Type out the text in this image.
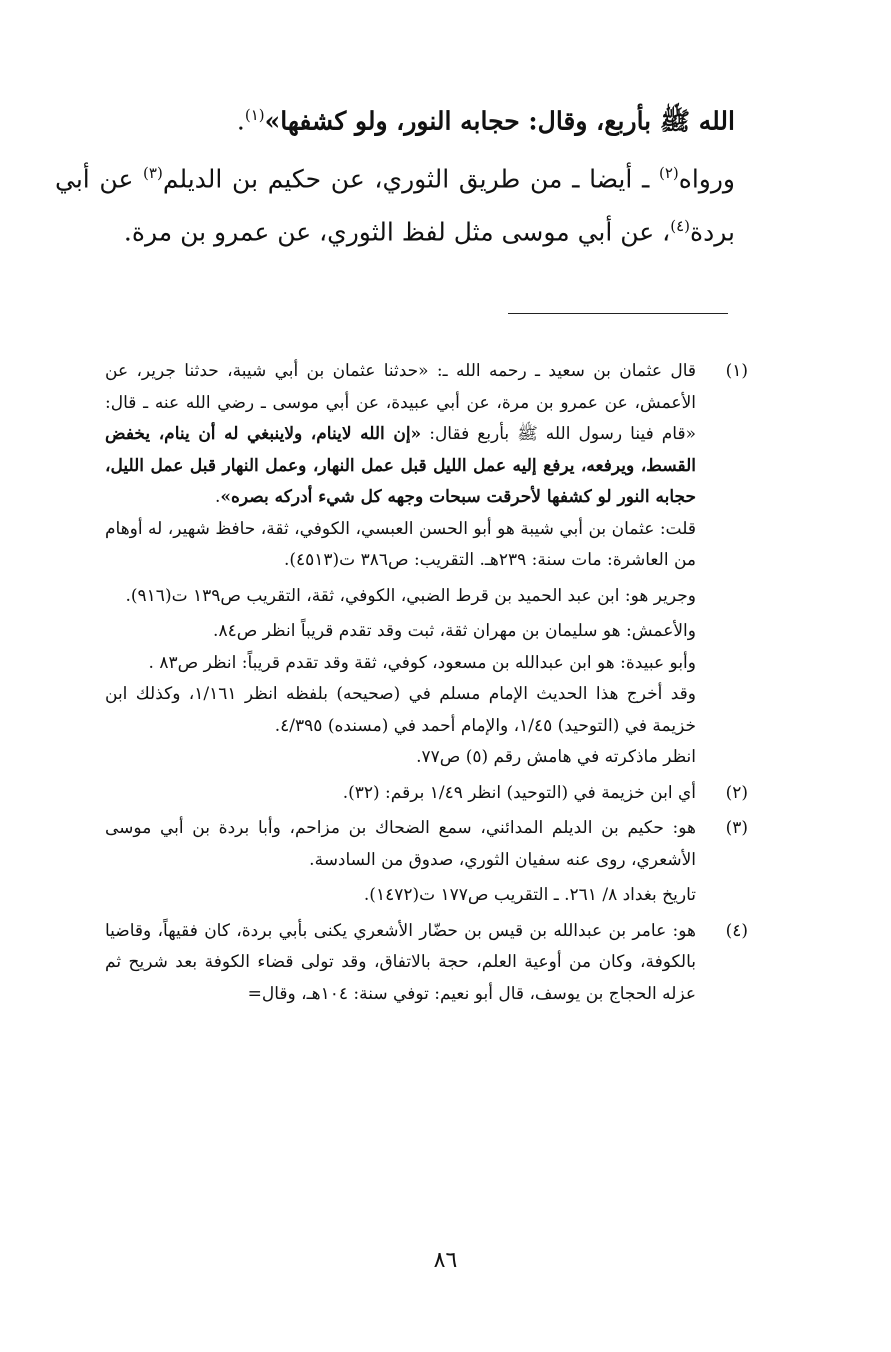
الله ﷺ بأربع، وقال: حجابه النور، ولو كشفها»$^{(١)}$.

ورواه$^{(٢)}$ ـ أيضا ـ من طريق الثوري، عن حكيم بن الديلم$^{(٣)}$ عن أبي بردة$^{(٤)}$، عن أبي موسى مثل لفظ الثوري، عن عمرو بن مرة.

(١)

قال عثمان بن سعيد ـ رحمه الله ـ: «حدثنا عثمان بن أبي شيبة، حدثنا جرير، عن الأعمش، عن عمرو بن مرة، عن أبي عبيدة، عن أبي موسى ـ رضي الله عنه ـ قال: «قام فينا رسول الله ﷺ بأربع فقال: «إن الله لاينام، ولاينبغي له أن ينام، يخفض القسط، ويرفعه، يرفع إليه عمل الليل قبل عمل النهار، وعمل النهار قبل عمل الليل، حجابه النور لو كشفها لأحرقت سبحات وجهه كل شيء أدركه بصره».

قلت: عثمان بن أبي شيبة هو أبو الحسن العبسي، الكوفي، ثقة، حافظ شهير، له أوهام من العاشرة: مات سنة: ٢٣٩هـ. التقريب: ص٣٨٦ ت(٤٥١٣).

وجرير هو: ابن عبد الحميد بن قرط الضبي، الكوفي، ثقة، التقريب ص١٣٩ ت(٩١٦).

والأعمش: هو سليمان بن مهران ثقة، ثبت وقد تقدم قريباً انظر ص٨٤.

وأبو عبيدة: هو ابن عبدالله بن مسعود، كوفي، ثقة وقد تقدم قريباً: انظر ص٨٣ .

وقد أخرج هذا الحديث الإمام مسلم في (صحيحه) بلفظه انظر ١/١٦١، وكذلك ابن خزيمة في (التوحيد) ١/٤٥، والإمام أحمد في (مسنده) ٤/٣٩٥.

انظر ماذكرته في هامش رقم (٥) ص٧٧.

(٢)

أي ابن خزيمة في (التوحيد) انظر ١/٤٩ برقم: (٣٢).

(٣)

هو: حكيم بن الديلم المدائني، سمع الضحاك بن مزاحم، وأبا بردة بن أبي موسى الأشعري، روى عنه سفيان الثوري، صدوق من السادسة.

تاريخ بغداد ٨/ ٢٦١. ـ التقريب ص١٧٧ ت(١٤٧٢).

(٤)

هو: عامر بن عبدالله بن قيس بن حضّار الأشعري يكنى بأبي بردة، كان فقيهاً، وقاضيا بالكوفة، وكان من أوعية العلم، حجة بالاتفاق، وقد تولى قضاء الكوفة بعد شريح ثم عزله الحجاج بن يوسف، قال أبو نعيم: توفي سنة: ١٠٤هـ، وقال=

٨٦
